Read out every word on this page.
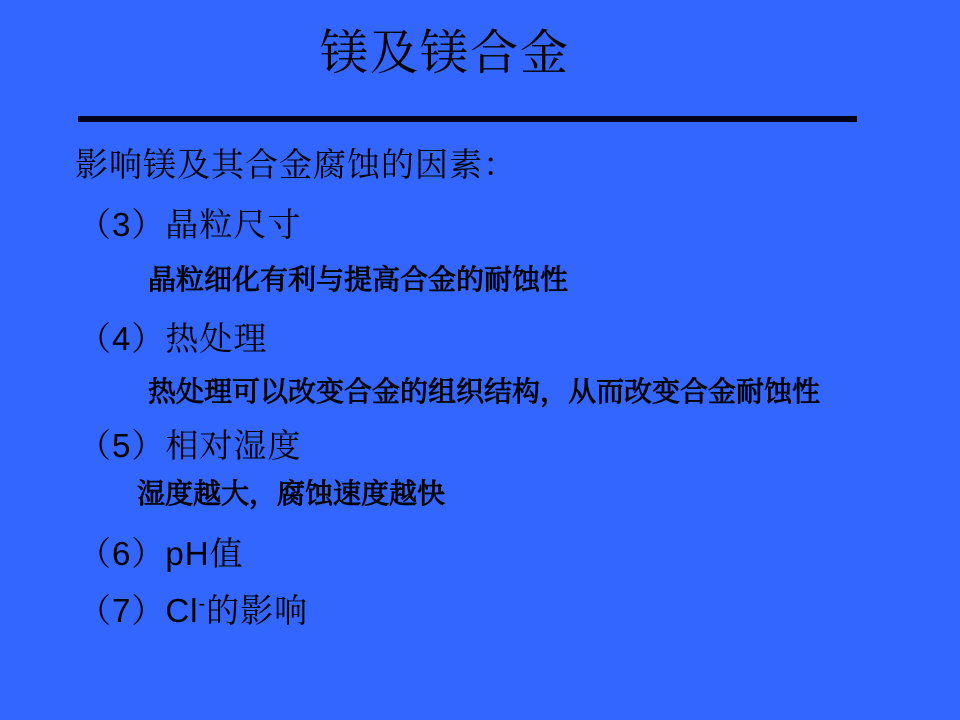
镁及镁合金
影响镁及其合金腐蚀的因素：
（3）晶粒尺寸
晶粒细化有利与提高合金的耐蚀性
（4）热处理
热处理可以改变合金的组织结构，从而改变合金耐蚀性
（5）相对湿度
湿度越大，腐蚀速度越快
（6）pH值
（7）Cl-的影响
